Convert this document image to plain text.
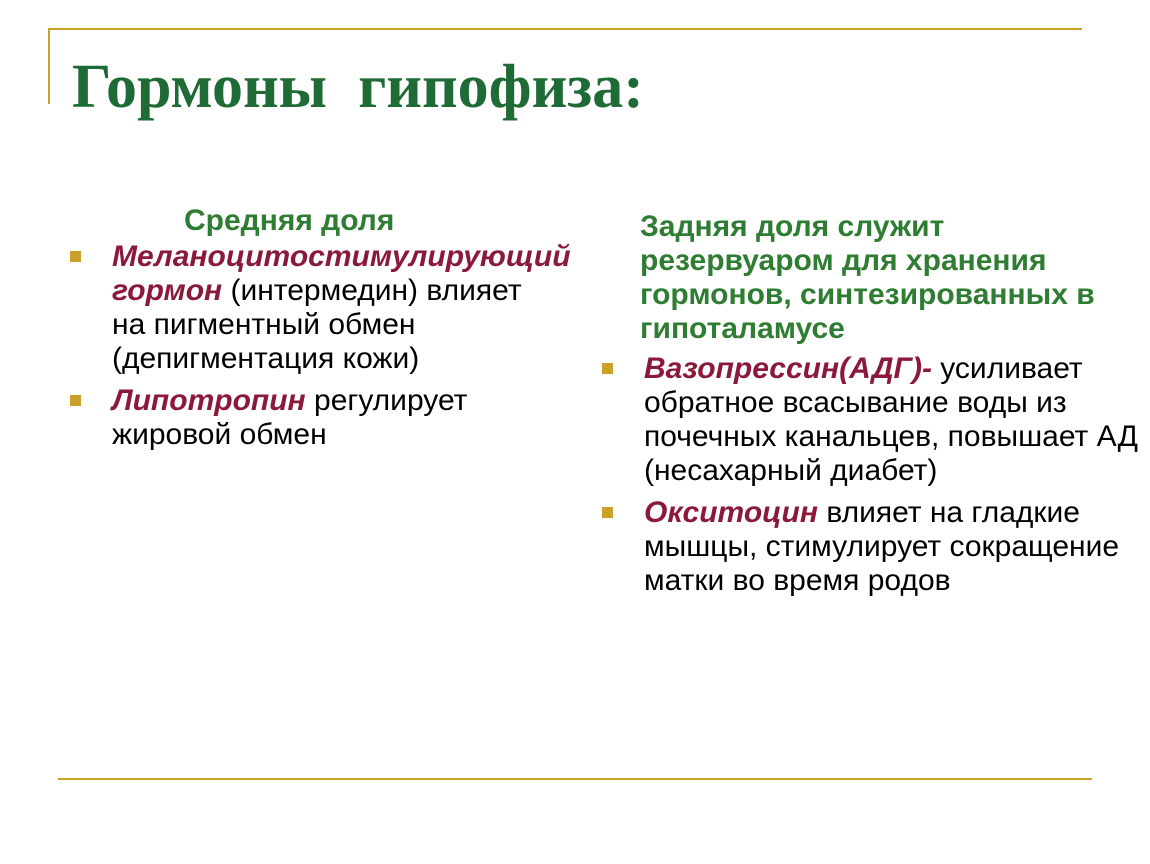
Гормоны  гипофиза:
Средняя доля
Меланоцитостимулирующий гормон (интермедин) влияет на пигментный обмен (депигментация кожи)
Липотропин регулирует жировой обмен
Задняя доля служит резервуаром для хранения гормонов, синтезированных в гипоталамусе
Вазопрессин(АДГ)- усиливает обратное всасывание воды из почечных канальцев, повышает АД (несахарный диабет)
Окситоцин влияет на гладкие мышцы, стимулирует сокращение матки во время родов
